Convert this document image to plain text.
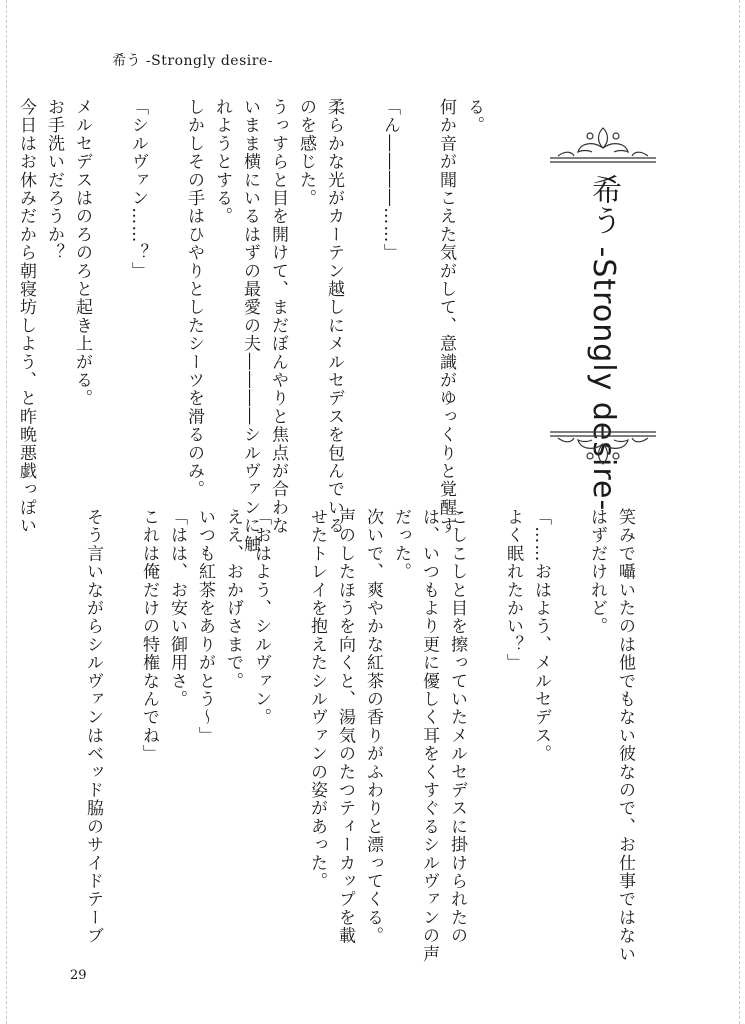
希う -Strongly desire-
希う -Strongly desire-
る。
何か音が聞こえた気がして、意識がゆっくりと覚醒す
「ん――――……」
柔らかな光がカーテン越しにメルセデスを包んでいる
のを感じた。
うっすらと目を開けて、まだぼんやりと焦点が合わな
いまま横にいるはずの最愛の夫――――シルヴァンに触
れようとする。
しかしその手はひやりとしたシーツを滑るのみ。
「シルヴァン……？」
メルセデスはのろのろと起き上がる。
お手洗いだろうか？
今日はお休みだから朝寝坊しよう、と昨晩悪戯っぽい
笑みで囁いたのは他でもない彼なので、お仕事ではない
はずだけれど。
「……おはよう、メルセデス。
よく眠れたかい？」
こしこしと目を擦っていたメルセデスに掛けられたの
は、いつもより更に優しく耳をくすぐるシルヴァンの声
だった。
次いで、爽やかな紅茶の香りがふわりと漂ってくる。
声のしたほうを向くと、湯気のたつティーカップを載
せたトレイを抱えたシルヴァンの姿があった。
「おはよう、シルヴァン。
ええ、おかげさまで。
いつも紅茶をありがとう～」
「はは、お安い御用さ。
これは俺だけの特権なんでね」
そう言いながらシルヴァンはベッド脇のサイドテーブ
29
